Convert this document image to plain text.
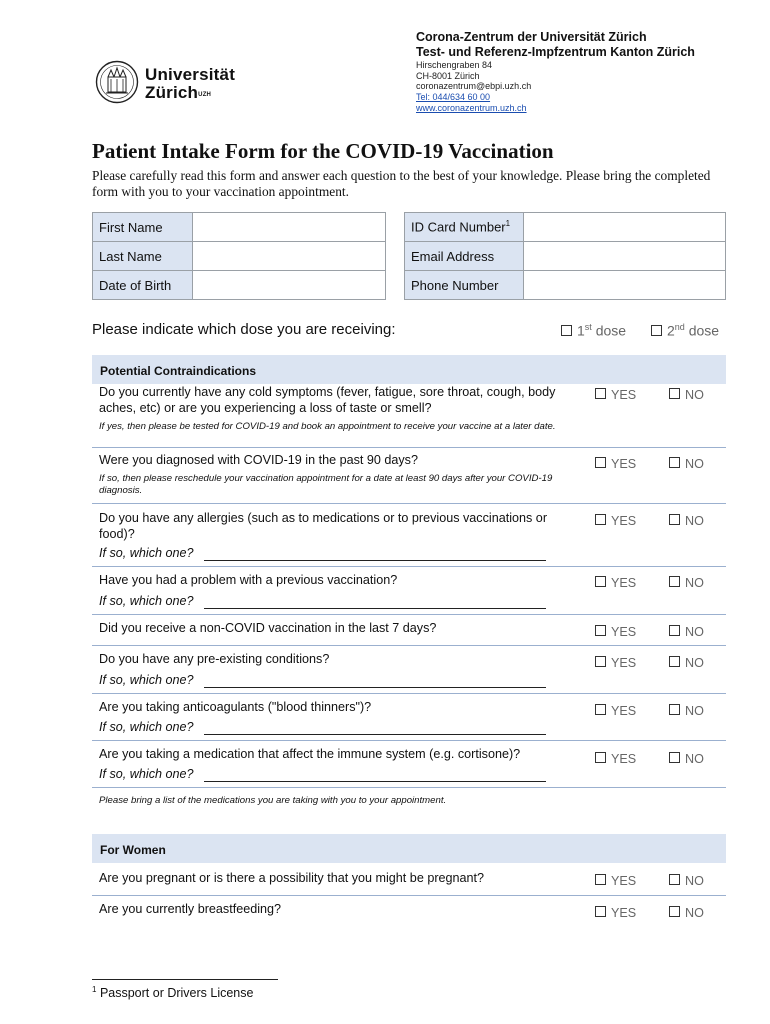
Universität
Zürich$^{UZH}$
Corona-Zentrum der Universität Zürich
Test- und Referenz-Impfzentrum Kanton Zürich
Hirschengraben 84
CH-8001 Zürich
coronazentrum@ebpi.uzh.ch
Tel: 044/634 60 00
www.coronazentrum.uzh.ch
Patient Intake Form for the COVID-19 Vaccination
Please carefully read this form and answer each question to the best of your knowledge. Please bring the completed form with you to your vaccination appointment.
First Name	
Last Name	
Date of Birth	
ID Card Number$^1$	
Email Address	
Phone Number	
Please indicate which dose you are receiving:	1st dose	2nd dose
Potential Contraindications
Do you currently have any cold symptoms (fever, fatigue, sore throat, cough, body aches, etc) or are you experiencing a loss of taste or smell?
If yes, then please be tested for COVID-19 and book an appointment to receive your vaccine at a later date.
YES	NO
Were you diagnosed with COVID-19 in the past 90 days?
If so, then please reschedule your vaccination appointment for a date at least 90 days after your COVID-19 diagnosis.
YES	NO
Do you have any allergies (such as to medications or to previous vaccinations or food)?
If so, which one?
YES	NO
Have you had a problem with a previous vaccination?
If so, which one?
YES	NO
Did you receive a non-COVID vaccination in the last 7 days?	YES	NO
Do you have any pre-existing conditions?
If so, which one?
YES	NO
Are you taking anticoagulants ("blood thinners")?
If so, which one?
YES	NO
Are you taking a medication that affect the immune system (e.g. cortisone)?
If so, which one?
YES	NO
Please bring a list of the medications you are taking with you to your appointment.
For Women
Are you pregnant or is there a possibility that you might be pregnant?	YES	NO
Are you currently breastfeeding?	YES	NO
$^1$ Passport or Drivers License
